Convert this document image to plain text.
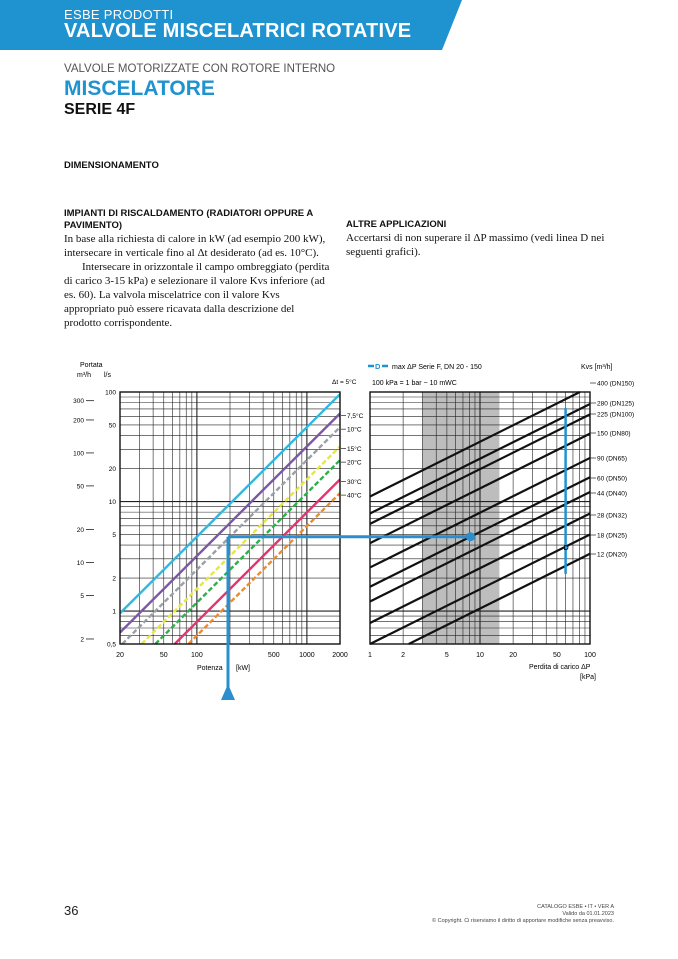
ESBE PRODOTTI
VALVOLE MISCELATRICI ROTATIVE
VALVOLE MOTORIZZATE CON ROTORE INTERNO
MISCELATORE
SERIE 4F
DIMENSIONAMENTO
IMPIANTI DI RISCALDAMENTO (RADIATORI OPPURE A PAVIMENTO)

In base alla richiesta di calore in kW (ad esempio 200 kW), intersecare in verticale fino al Δt desiderato (ad es. 10°C).

Intersecare in orizzontale il campo ombreggiato (perdita di carico 3-15 kPa) e selezionare il valore Kvs inferiore (ad es. 60). La valvola miscelatrice con il valore Kvs appropriato può essere ricavata dalla descrizione del prodotto corrispondente.

ALTRE APPLICAZIONI

Accertarsi di non superare il ΔP massimo (vedi linea D nei seguenti grafici).

D
Portata
m³/h l/s
Potenza [kW]
20	50	100	500	1000	2000
100
50
20
10
5
2
1
0,5
300
200
100
50
20
10
5
2
Δt = 5°C
7,5°C
10°C
15°C
20°C
30°C
40°C
max ΔP Serie F, DN 20 - 150
100 kPa = 1 bar ~ 10 mWC
Kvs [m³/h]
Perdita di carico ΔP
[kPa]
1	2	5	10	20	50	100
400 (DN150)
280 (DN125)
225 (DN100)
150 (DN80)
90 (DN65)
60 (DN50)
44 (DN40)
28 (DN32)
18 (DN25)
12 (DN20)
D
36	CATALOGO ESBE • IT • VER A
Valido da 01.01.2023
© Copyright. Ci riserviamo il diritto di apportare modifiche senza preavviso.
